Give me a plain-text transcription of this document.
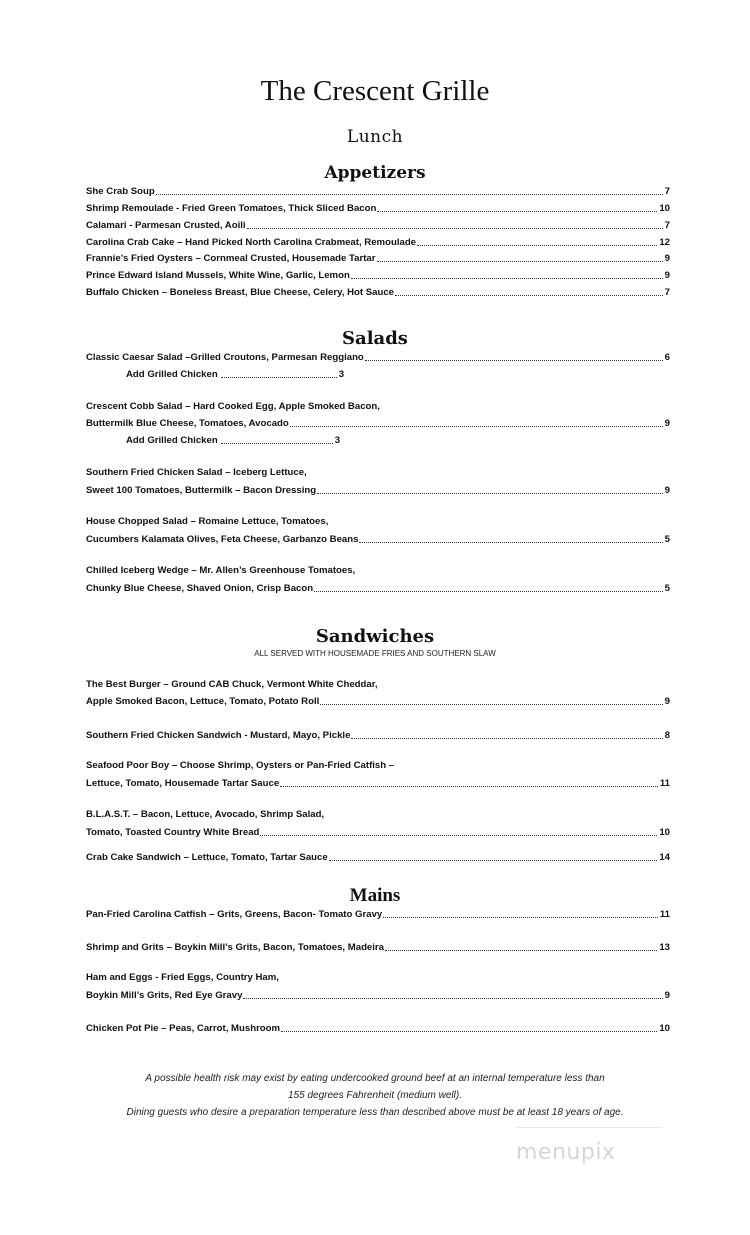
The Crescent Grille
Lunch
Appetizers
She Crab Soup	7
Shrimp Remoulade - Fried Green Tomatoes, Thick Sliced Bacon	10
Calamari - Parmesan Crusted, Aoili	7
Carolina Crab Cake – Hand Picked North Carolina Crabmeat, Remoulade	12
Frannie’s Fried Oysters – Cornmeal Crusted, Housemade Tartar	9
Prince Edward Island Mussels, White Wine, Garlic, Lemon	9
Buffalo Chicken – Boneless Breast, Blue Cheese, Celery, Hot Sauce	7
Salads
Classic Caesar Salad –Grilled Croutons, Parmesan Reggiano	6
Add Grilled Chicken	3
Crescent Cobb Salad – Hard Cooked Egg, Apple Smoked Bacon,
Buttermilk Blue Cheese, Tomatoes, Avocado	9
Add Grilled Chicken	3
Southern Fried Chicken Salad – Iceberg Lettuce,
Sweet 100 Tomatoes, Buttermilk – Bacon Dressing	9
House Chopped Salad – Romaine Lettuce, Tomatoes,
Cucumbers Kalamata Olives, Feta Cheese, Garbanzo Beans	5
Chilled Iceberg Wedge – Mr. Allen’s Greenhouse Tomatoes,
Chunky Blue Cheese, Shaved Onion, Crisp Bacon	5
Sandwiches
ALL SERVED WITH HOUSEMADE FRIES AND SOUTHERN SLAW
The Best Burger – Ground CAB Chuck, Vermont White Cheddar,
Apple Smoked Bacon, Lettuce, Tomato, Potato Roll	9
Southern Fried Chicken Sandwich - Mustard, Mayo, Pickle	8
Seafood Poor Boy – Choose Shrimp, Oysters or Pan-Fried Catfish –
Lettuce, Tomato, Housemade Tartar Sauce	11
B.L.A.S.T. – Bacon, Lettuce, Avocado, Shrimp Salad,
Tomato, Toasted Country White Bread	10
Crab Cake Sandwich – Lettuce, Tomato, Tartar Sauce	14
Mains
Pan-Fried Carolina Catfish – Grits, Greens, Bacon- Tomato Gravy	11
Shrimp and Grits – Boykin Mill’s Grits, Bacon, Tomatoes, Madeira	13
Ham and Eggs - Fried Eggs, Country Ham,
Boykin Mill’s Grits, Red Eye Gravy	9
Chicken Pot Pie – Peas, Carrot, Mushroom	10
A possible health risk may exist by eating undercooked ground beef at an internal temperature less than
155 degrees Fahrenheit (medium well).
Dining guests who desire a preparation temperature less than described above must be at least 18 years of age.
menupix
